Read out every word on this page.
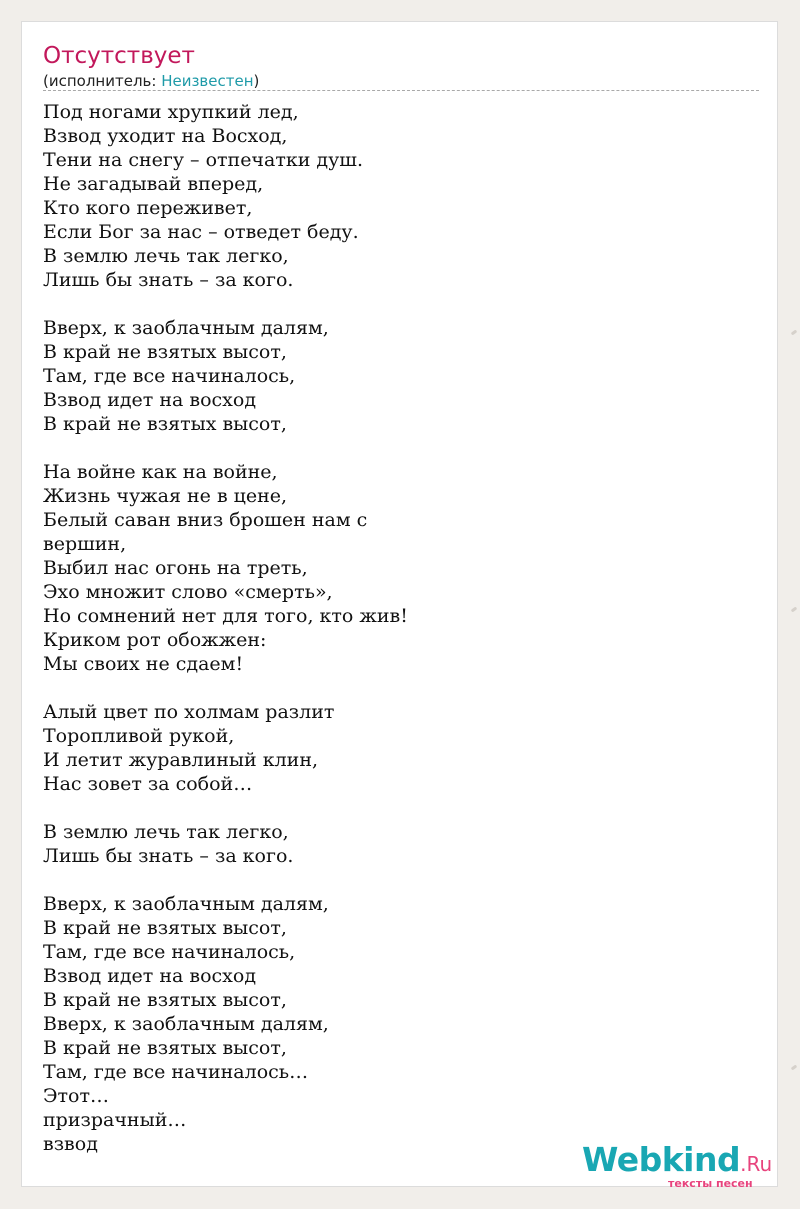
Отсутствует
(исполнитель: Неизвестен)
Под ногами хрупкий лед,
Взвод уходит на Восход,
Тени на снегу – отпечатки душ.
Не загадывай вперед,
Кто кого переживет,
Если Бог за нас – отведет беду.
В землю лечь так легко,
Лишь бы знать – за кого.

Вверх, к заоблачным далям,
В край не взятых высот,
Там, где все начиналось,
Взвод идет на восход
В край не взятых высот,

На войне как на войне,
Жизнь чужая не в цене,
Белый саван вниз брошен нам с
вершин,
Выбил нас огонь на треть,
Эхо множит слово «смерть»,
Но сомнений нет для того, кто жив!
Криком рот обожжен:
Мы своих не сдаем!

Алый цвет по холмам разлит
Торопливой рукой,
И летит журавлиный клин,
Нас зовет за собой…

В землю лечь так легко,
Лишь бы знать – за кого.

Вверх, к заоблачным далям,
В край не взятых высот,
Там, где все начиналось,
Взвод идет на восход
В край не взятых высот,
Вверх, к заоблачным далям,
В край не взятых высот,
Там, где все начиналось…
Этот…
призрачный…
взвод	Webkind.Ru
тексты песен
